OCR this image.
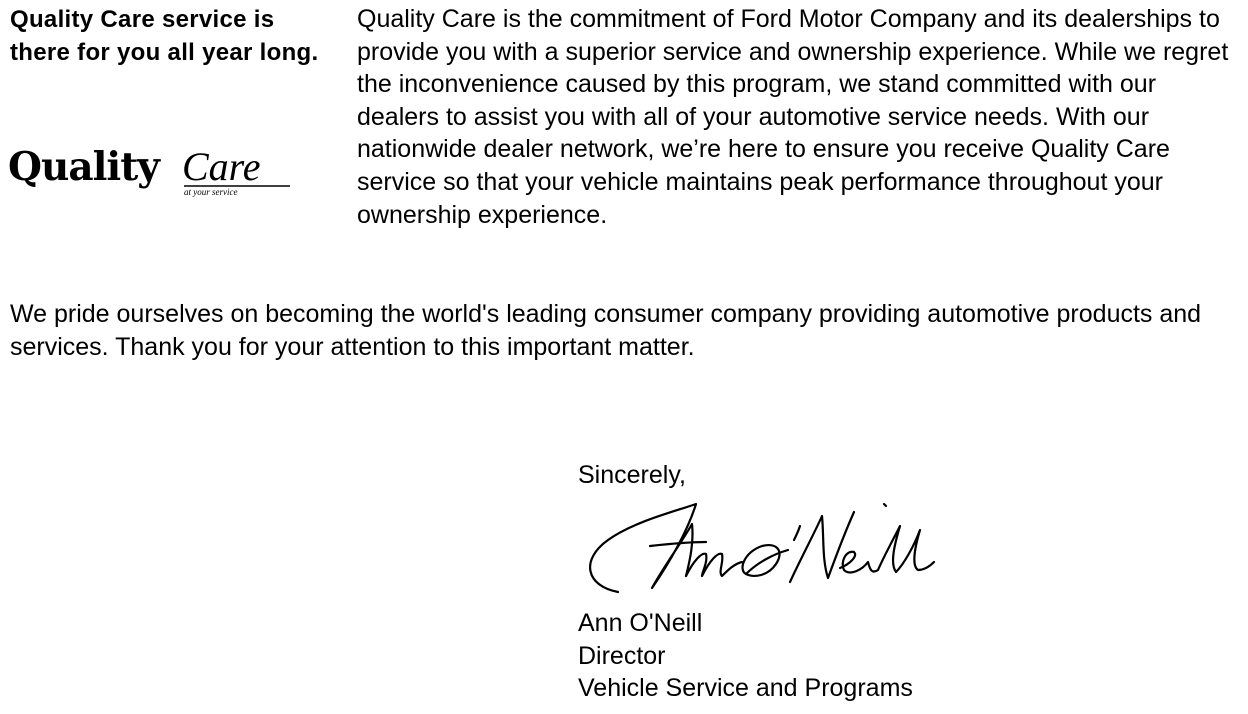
Quality Care service is there for you all year long.
Quality Care
at your service

Quality Care is the commitment of Ford Motor Company and its dealerships to provide you with a superior service and ownership experience. While we regret the inconvenience caused by this program, we stand committed with our dealers to assist you with all of your automotive service needs. With our nationwide dealer network, we’re here to ensure you receive Quality Care service so that your vehicle maintains peak performance throughout your ownership experience.

We pride ourselves on becoming the world's leading consumer company providing automotive products and services. Thank you for your attention to this important matter.

Sincerely,

Ann O'Neill
Director
Vehicle Service and Programs
